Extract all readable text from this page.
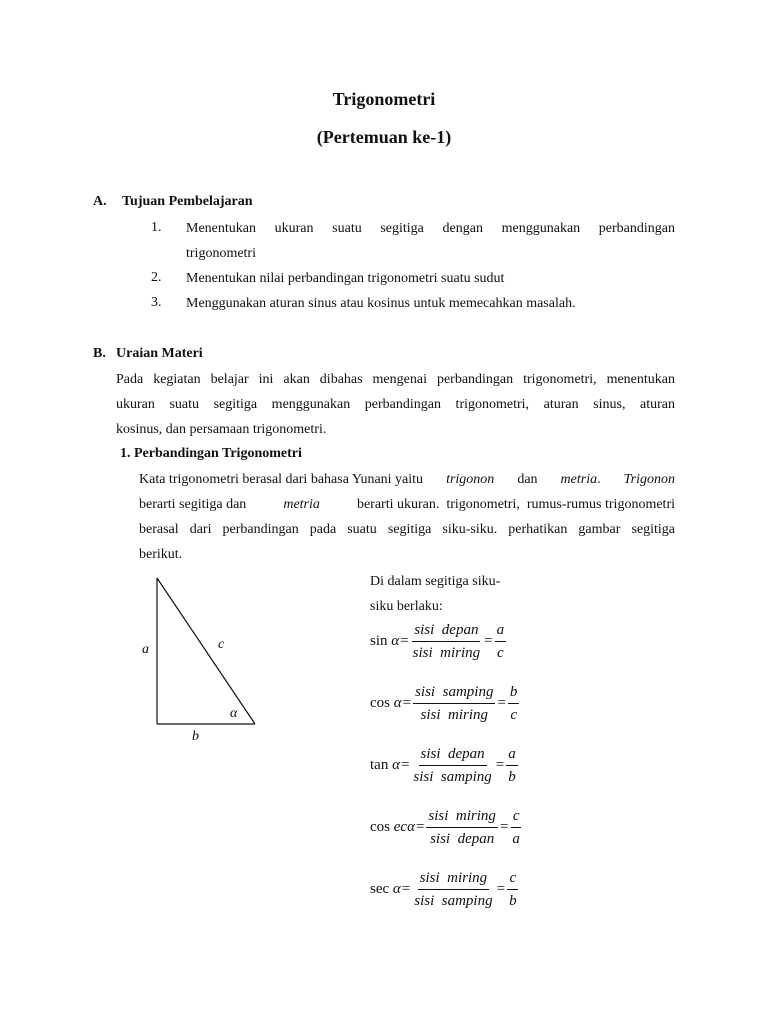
Trigonometri
(Pertemuan ke-1)
A. Tujuan Pembelajaran
1. Menentukan ukuran suatu segitiga dengan menggunakan perbandingan
trigonometri
2. Menentukan nilai perbandingan trigonometri suatu sudut
3. Menggunakan aturan sinus atau kosinus untuk memecahkan masalah.
B. Uraian Materi
Pada kegiatan belajar ini akan dibahas mengenai perbandingan trigonometri, menentukan
ukuran suatu segitiga menggunakan perbandingan trigonometri, aturan sinus, aturan
kosinus, dan persamaan trigonometri.
1. Perbandingan Trigonometri
Kata trigonometri berasal dari bahasa Yunani yaitu trigonon dan metria. Trigonon
berarti segitiga dan	metria	berarti ukuran.  trigonometri,  rumus-rumus trigonometri
berasal dari perbandingan pada suatu segitiga siku-siku. perhatikan gambar segitiga
berikut.
a	c
α
b
Di dalam segitiga siku-
siku berlaku:
sin
$\alpha = \frac{\text{sisi  depan}}{\text{sisi  miring}} = \frac{a}{c}$
cos
$\alpha = \frac{\text{sisi  samping}}{\text{sisi  miring}} = \frac{b}{c}$
tan
$\alpha = \frac{\text{sisi  depan}}{\text{sisi  samping}} = \frac{a}{b}$
cos
ec $\alpha = \frac{\text{sisi  miring}}{\text{sisi  depan}} = \frac{c}{a}$
sec
$\alpha = \frac{\text{sisi  miring}}{\text{sisi  samping}} = \frac{c}{b}$
